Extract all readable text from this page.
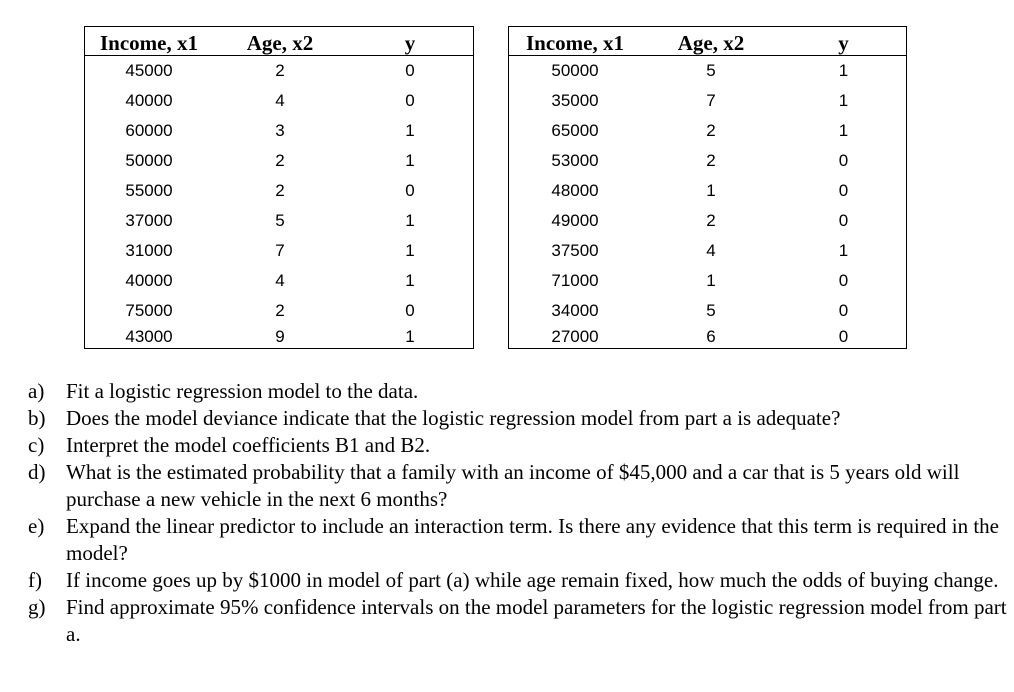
Income, x1	Age, x2	y
45000	2	0
40000	4	0
60000	3	1
50000	2	1
55000	2	0
37000	5	1
31000	7	1
40000	4	1
75000	2	0
43000	9	1
Income, x1	Age, x2	y
50000	5	1
35000	7	1
65000	2	1
53000	2	0
48000	1	0
49000	2	0
37500	4	1
71000	1	0
34000	5	0
27000	6	0
a)	Fit a logistic regression model to the data.
b) Does the model deviance indicate that the logistic regression model from part a is adequate?
c)	Interpret the model coefficients B1 and B2.
d) What is the estimated probability that a family with an income of $45,000 and a car that is 5 years old will purchase a new vehicle in the next 6 months?
e)	Expand the linear predictor to include an interaction term. Is there any evidence that this term is required in the model?
f)	If income goes up by $1000 in model of part (a) while age remain fixed, how much the odds of buying change.
g) Find approximate 95% confidence intervals on the model parameters for the logistic regression model from part a.
